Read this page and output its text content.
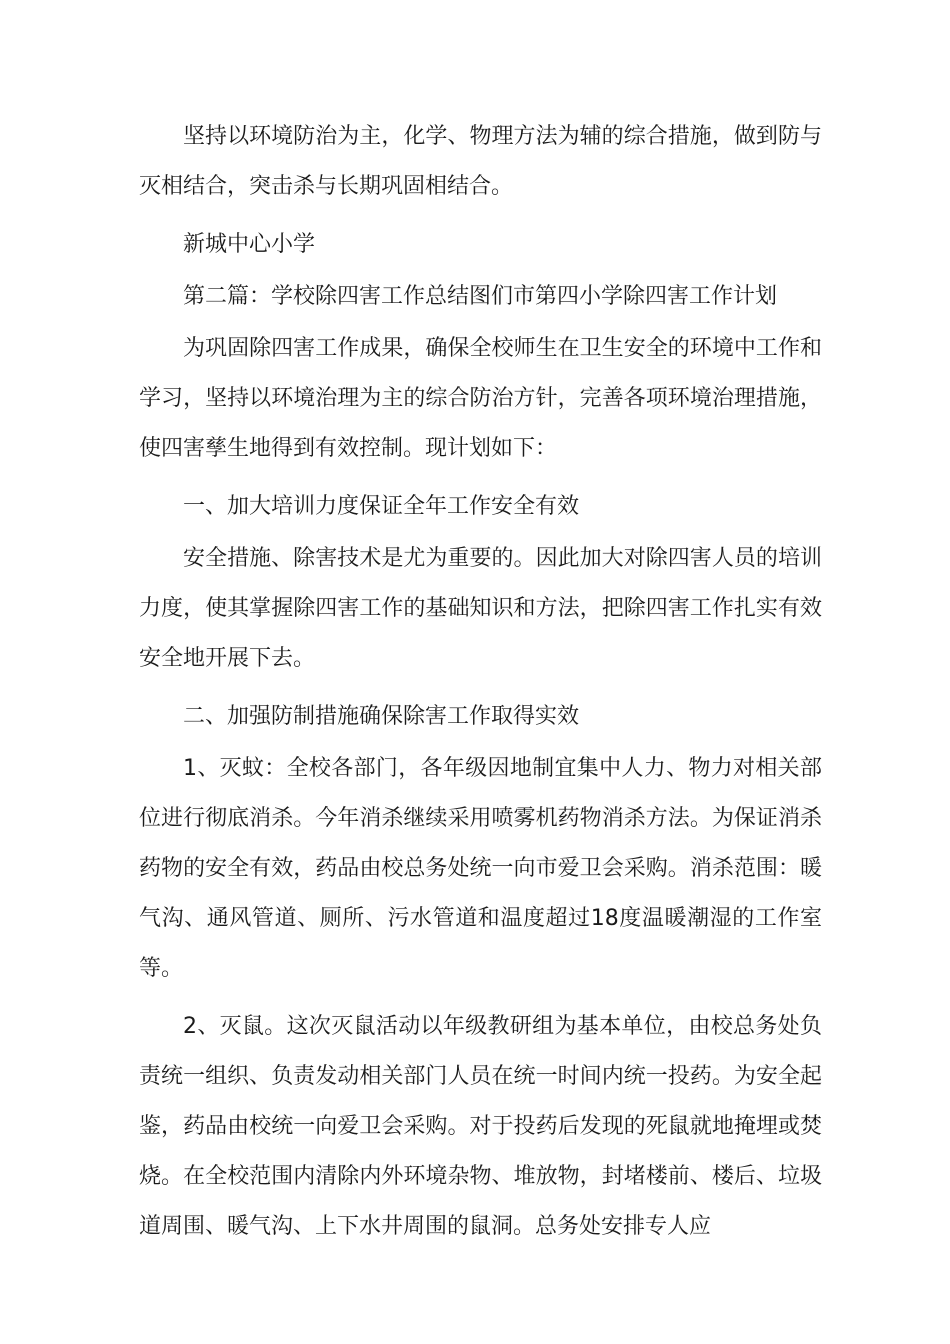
坚持以环境防治为主，化学、物理方法为辅的综合措施，做到防与灭相结合，突击杀与长期巩固相结合。

新城中心小学

第二篇：学校除四害工作总结图们市第四小学除四害工作计划

为巩固除四害工作成果，确保全校师生在卫生安全的环境中工作和学习，坚持以环境治理为主的综合防治方针，完善各项环境治理措施，使四害孳生地得到有效控制。现计划如下：

一、加大培训力度保证全年工作安全有效

安全措施、除害技术是尤为重要的。因此加大对除四害人员的培训力度，使其掌握除四害工作的基础知识和方法，把除四害工作扎实有效安全地开展下去。

二、加强防制措施确保除害工作取得实效

1、灭蚊：全校各部门，各年级因地制宜集中人力、物力对相关部位进行彻底消杀。今年消杀继续采用喷雾机药物消杀方法。为保证消杀药物的安全有效，药品由校总务处统一向市爱卫会采购。消杀范围：暖气沟、通风管道、厕所、污水管道和温度超过18度温暖潮湿的工作室等。

2、灭鼠。这次灭鼠活动以年级教研组为基本单位，由校总务处负责统一组织、负责发动相关部门人员在统一时间内统一投药。为安全起鉴，药品由校统一向爱卫会采购。对于投药后发现的死鼠就地掩埋或焚烧。在全校范围内清除内外环境杂物、堆放物，封堵楼前、楼后、垃圾道周围、暖气沟、上下水井周围的鼠洞。总务处安排专人应
